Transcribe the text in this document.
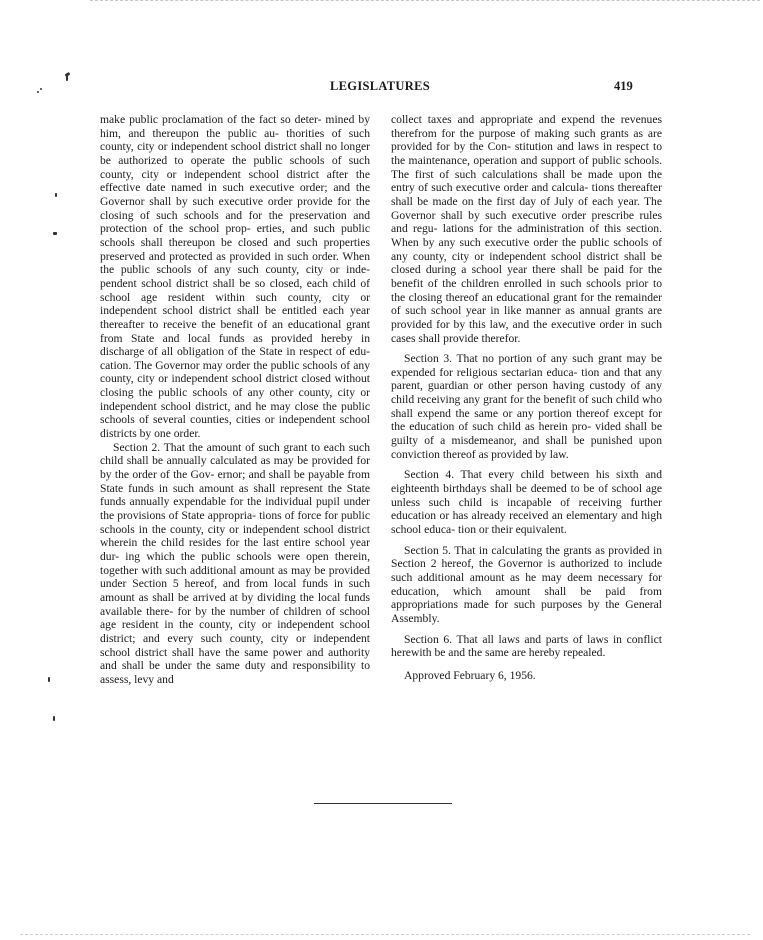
LEGISLATURES	419

make public proclamation of the fact so deter- mined by him, and thereupon the public au- thorities of such county, city or independent school district shall no longer be authorized to operate the public schools of such county, city or independent school district after the effective date named in such executive order; and the Governor shall by such executive order provide for the closing of such schools and for the preservation and protection of the school prop- erties, and such public schools shall thereupon be closed and such properties preserved and protected as provided in such order. When the public schools of any such county, city or inde- pendent school district shall be so closed, each child of school age resident within such county, city or independent school district shall be entitled each year thereafter to receive the benefit of an educational grant from State and local funds as provided hereby in discharge of all obligation of the State in respect of edu- cation. The Governor may order the public schools of any county, city or independent school district closed without closing the public schools of any other county, city or independent school district, and he may close the public schools of several counties, cities or independent school districts by one order.

Section 2. That the amount of such grant to each such child shall be annually calculated as may be provided for by the order of the Gov- ernor; and shall be payable from State funds in such amount as shall represent the State funds annually expendable for the individual pupil under the provisions of State appropria- tions of force for public schools in the county, city or independent school district wherein the child resides for the last entire school year dur- ing which the public schools were open therein, together with such additional amount as may be provided under Section 5 hereof, and from local funds in such amount as shall be arrived at by dividing the local funds available there- for by the number of children of school age resident in the county, city or independent school district; and every such county, city or independent school district shall have the same power and authority and shall be under the same duty and responsibility to assess, levy and

collect taxes and appropriate and expend the revenues therefrom for the purpose of making such grants as are provided for by the Con- stitution and laws in respect to the maintenance, operation and support of public schools. The first of such calculations shall be made upon the entry of such executive order and calcula- tions thereafter shall be made on the first day of July of each year. The Governor shall by such executive order prescribe rules and regu- lations for the administration of this section. When by any such executive order the public schools of any county, city or independent school district shall be closed during a school year there shall be paid for the benefit of the children enrolled in such schools prior to the closing thereof an educational grant for the remainder of such school year in like manner as annual grants are provided for by this law, and the executive order in such cases shall provide therefor.

Section 3. That no portion of any such grant may be expended for religious sectarian educa- tion and that any parent, guardian or other person having custody of any child receiving any grant for the benefit of such child who shall expend the same or any portion thereof except for the education of such child as herein pro- vided shall be guilty of a misdemeanor, and shall be punished upon conviction thereof as provided by law.

Section 4. That every child between his sixth and eighteenth birthdays shall be deemed to be of school age unless such child is incapable of receiving further education or has already received an elementary and high school educa- tion or their equivalent.

Section 5. That in calculating the grants as provided in Section 2 hereof, the Governor is authorized to include such additional amount as he may deem necessary for education, which amount shall be paid from appropriations made for such purposes by the General Assembly.

Section 6. That all laws and parts of laws in conflict herewith be and the same are hereby repealed.

Approved February 6, 1956.
